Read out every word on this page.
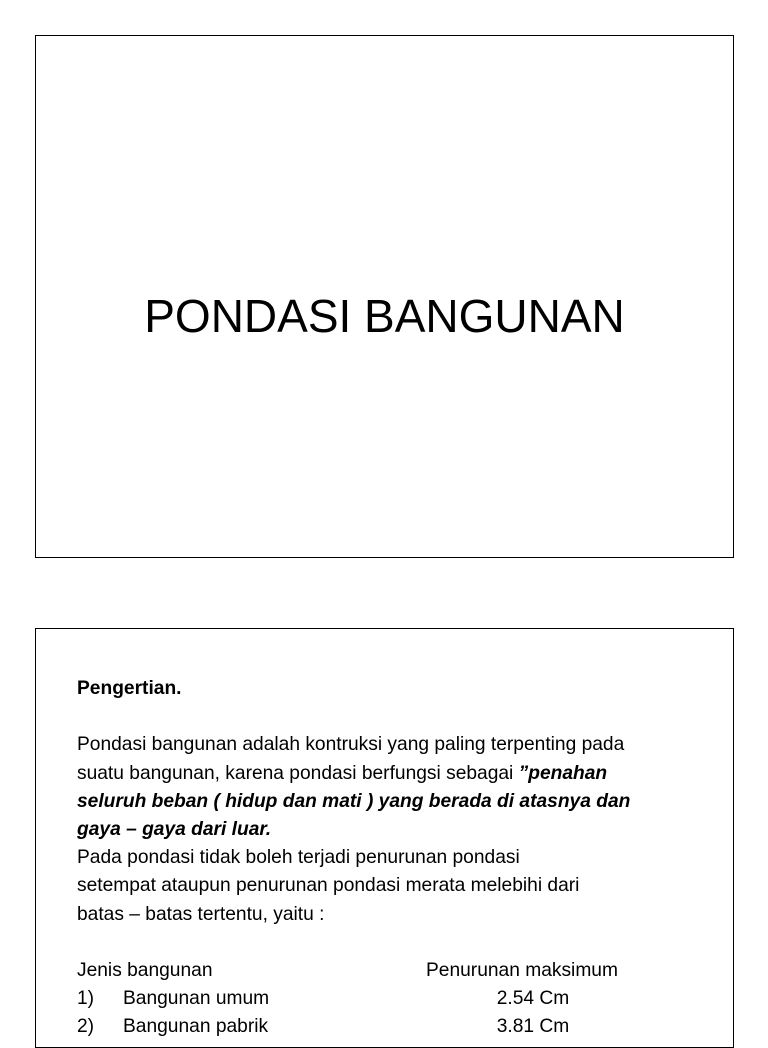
PONDASI BANGUNAN

Pengertian.

Pondasi bangunan adalah kontruksi yang paling terpenting pada
suatu bangunan, karena pondasi berfungsi sebagai ”penahan
seluruh beban ( hidup dan mati ) yang berada di atasnya dan
gaya – gaya dari luar.

Pada pondasi tidak boleh terjadi penurunan pondasi
setempat ataupun penurunan pondasi merata melebihi dari
batas – batas tertentu, yaitu :

Jenis bangunan	Penurunan maksimum
1) Bangunan umum	2.54 Cm
2) Bangunan pabrik	3.81 Cm
